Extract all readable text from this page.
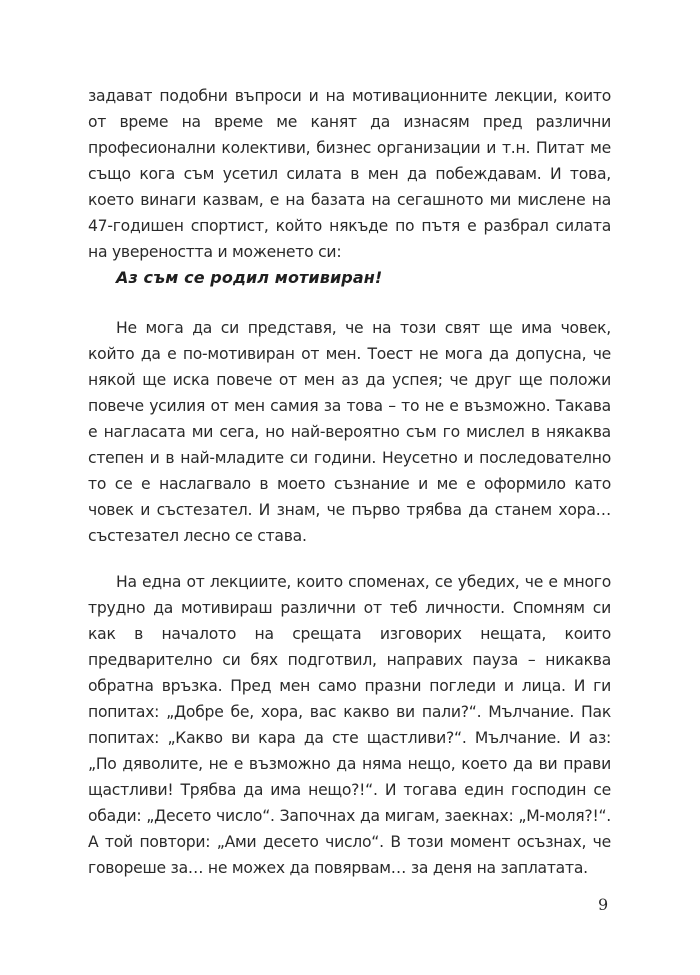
задават подобни въпроси и на мотивационните лекции, които от време на време ме канят да изнасям пред различни професионални колективи, бизнес организации и т.н. Питат ме също кога съм усетил силата в мен да побеждавам. И това, което винаги казвам, е на базата на сегашното ми мислене на 47-годишен спортист, който някъде по пътя е разбрал силата на увереността и моженето си:

Аз съм се родил мотивиран!

Не мога да си представя, че на този свят ще има човек, който да е по-мотивиран от мен. Тоест не мога да допусна, че някой ще иска повече от мен аз да успея; че друг ще положи повече усилия от мен самия за това – то не е възможно. Такава е нагласата ми сега, но най-вероятно съм го мислел в някаква степен и в най-младите си години. Неусетно и последователно то се е наслагвало в моето съзнание и ме е оформило като човек и състезател. И знам, че първо трябва да станем хора… състезател лесно се става.

На една от лекциите, които споменах, се убедих, че е много трудно да мотивираш различни от теб личности. Спомням си как в началото на срещата изговорих нещата, които предварително си бях подготвил, направих пауза – никаква обратна връзка. Пред мен само празни погледи и лица. И ги попитах: „Добре бе, хора, вас какво ви пали?“. Мълчание. Пак попитах: „Какво ви кара да сте щастливи?“. Мълчание. И аз: „По дяволите, не е възможно да няма нещо, което да ви прави щастливи! Трябва да има нещо?!“. И тогава един господин се обади: „Десето число“. Започнах да мигам, заекнах: „М-моля?!“. А той повтори: „Ами десето число“. В този момент осъзнах, че говореше за… не можех да повярвам… за деня на заплатата.

9
